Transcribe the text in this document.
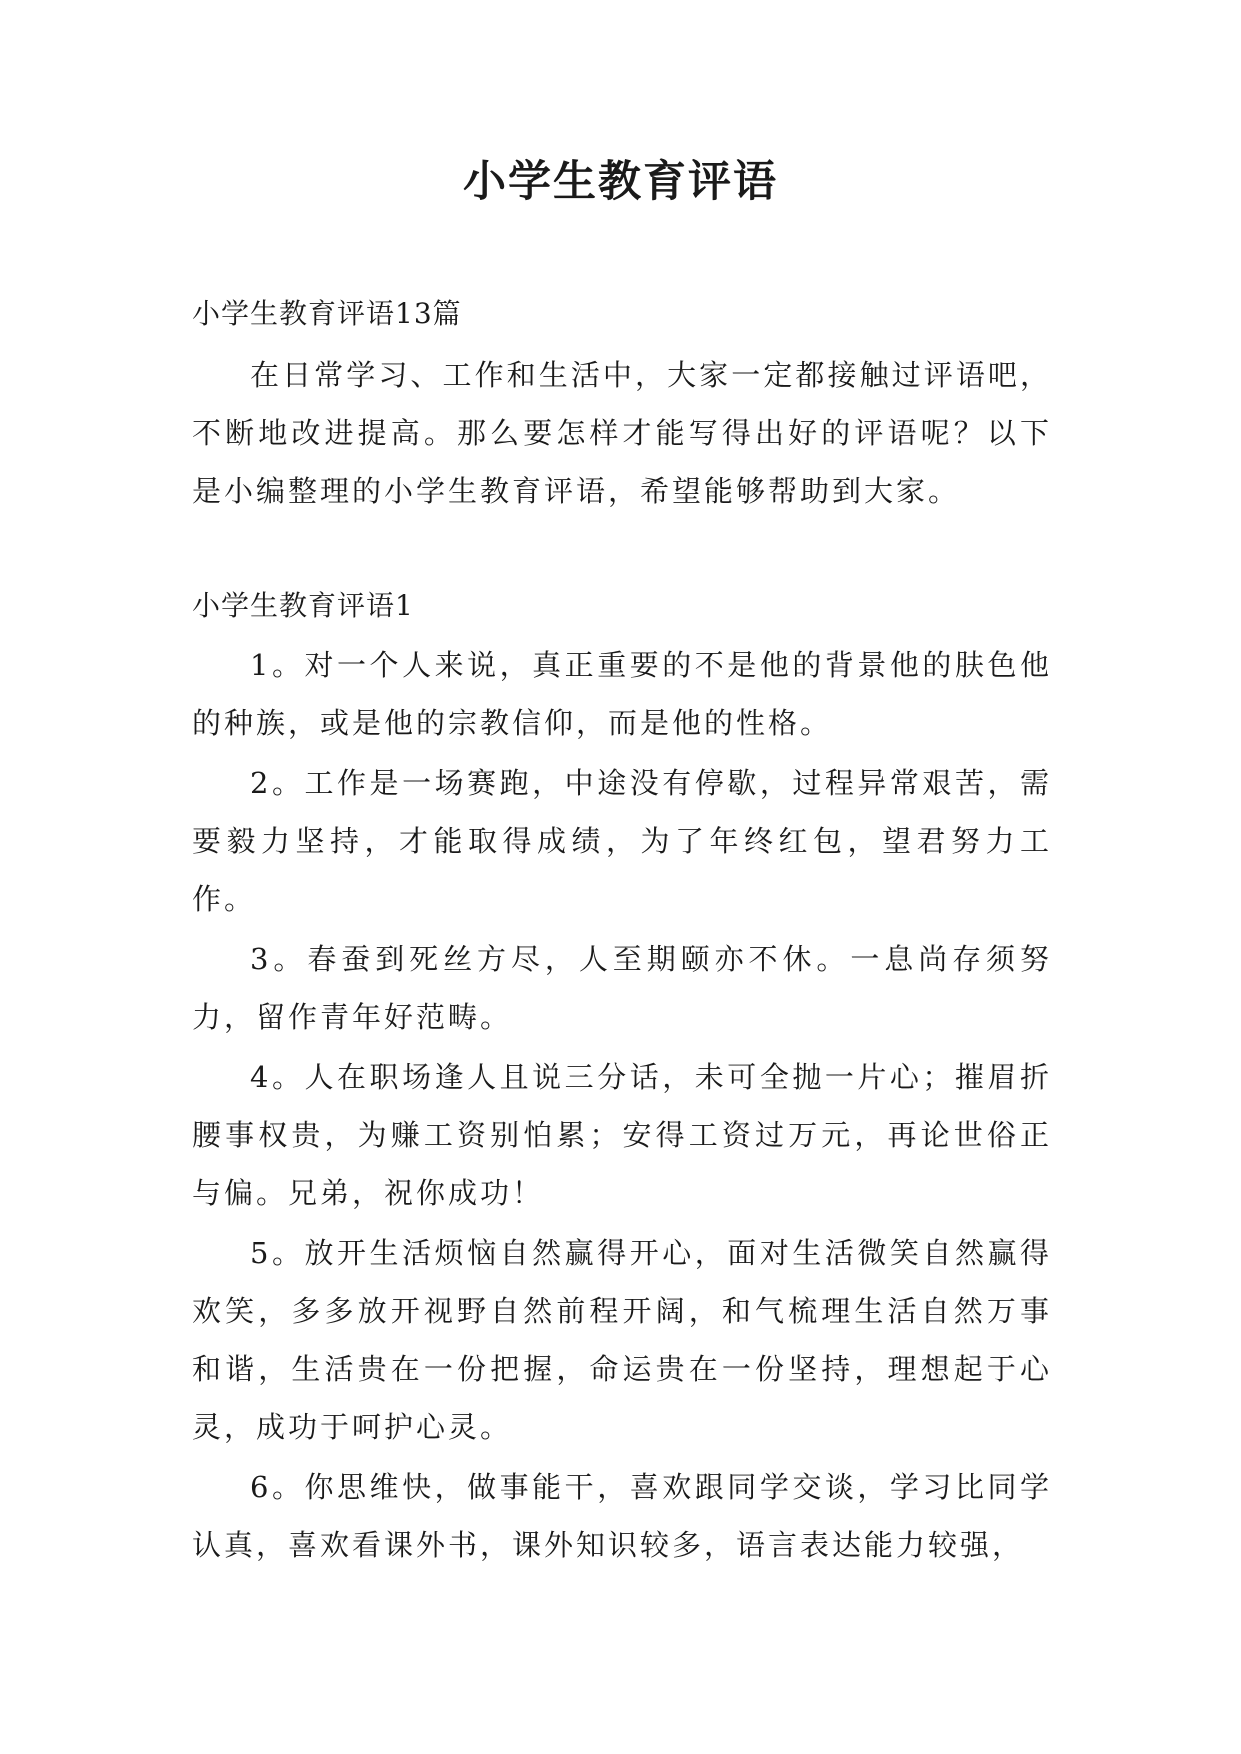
小学生教育评语

小学生教育评语13篇

在日常学习、工作和生活中，大家一定都接触过评语吧，不断地改进提高。那么要怎样才能写得出好的评语呢？以下是小编整理的小学生教育评语，希望能够帮助到大家。

小学生教育评语1

1。对一个人来说，真正重要的不是他的背景他的肤色他的种族，或是他的宗教信仰，而是他的性格。

2。工作是一场赛跑，中途没有停歇，过程异常艰苦，需要毅力坚持，才能取得成绩，为了年终红包，望君努力工作。

3。春蚕到死丝方尽，人至期颐亦不休。一息尚存须努力，留作青年好范畴。

4。人在职场逢人且说三分话，未可全抛一片心；摧眉折腰事权贵，为赚工资别怕累；安得工资过万元，再论世俗正与偏。兄弟，祝你成功！

5。放开生活烦恼自然赢得开心，面对生活微笑自然赢得欢笑，多多放开视野自然前程开阔，和气梳理生活自然万事和谐，生活贵在一份把握，命运贵在一份坚持，理想起于心灵，成功于呵护心灵。

6。你思维快，做事能干，喜欢跟同学交谈，学习比同学认真，喜欢看课外书，课外知识较多，语言表达能力较强，
